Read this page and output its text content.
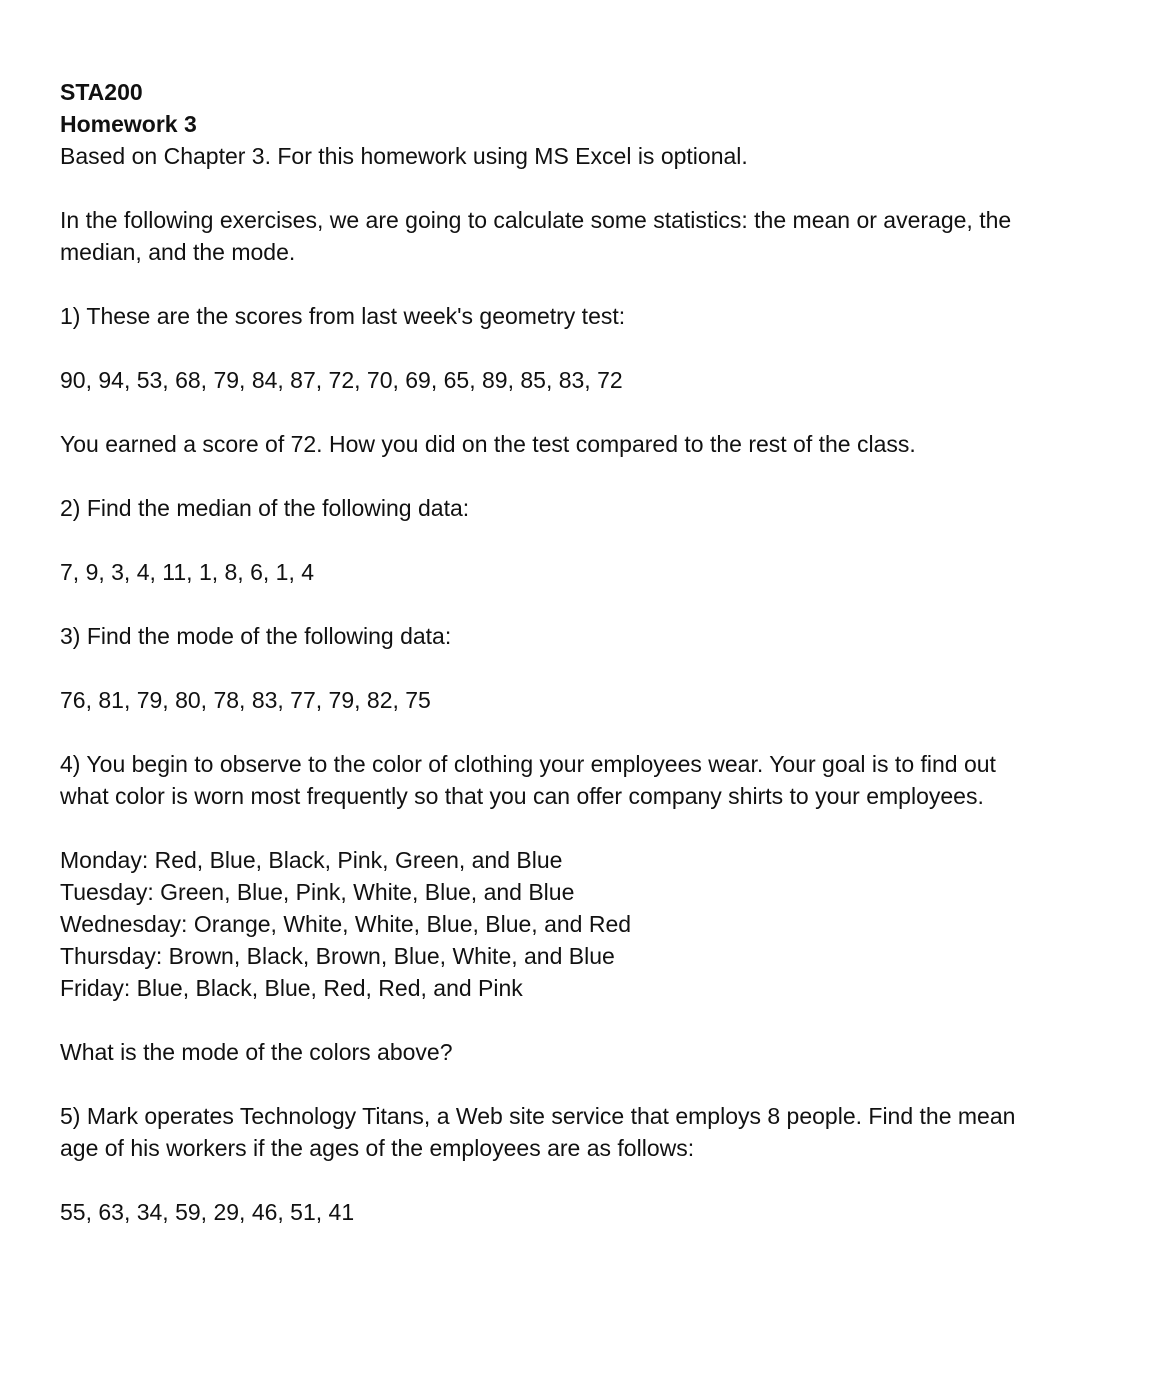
STA200

Homework 3

Based on Chapter 3. For this homework using MS Excel is optional.

In the following exercises, we are going to calculate some statistics: the mean or average, the

median, and the mode.

1) These are the scores from last week's geometry test:

90, 94, 53, 68, 79, 84, 87, 72, 70, 69, 65, 89, 85, 83, 72

You earned a score of 72. How you did on the test compared to the rest of the class.

2) Find the median of the following data:

7, 9, 3, 4, 11, 1, 8, 6, 1, 4

3) Find the mode of the following data:

76, 81, 79, 80, 78, 83, 77, 79, 82, 75

4) You begin to observe to the color of clothing your employees wear. Your goal is to find out

what color is worn most frequently so that you can offer company shirts to your employees.

Monday: Red, Blue, Black, Pink, Green, and Blue

Tuesday: Green, Blue, Pink, White, Blue, and Blue

Wednesday: Orange, White, White, Blue, Blue, and Red

Thursday: Brown, Black, Brown, Blue, White, and Blue

Friday: Blue, Black, Blue, Red, Red, and Pink

What is the mode of the colors above?

5) Mark operates Technology Titans, a Web site service that employs 8 people. Find the mean

age of his workers if the ages of the employees are as follows:

55, 63, 34, 59, 29, 46, 51, 41
